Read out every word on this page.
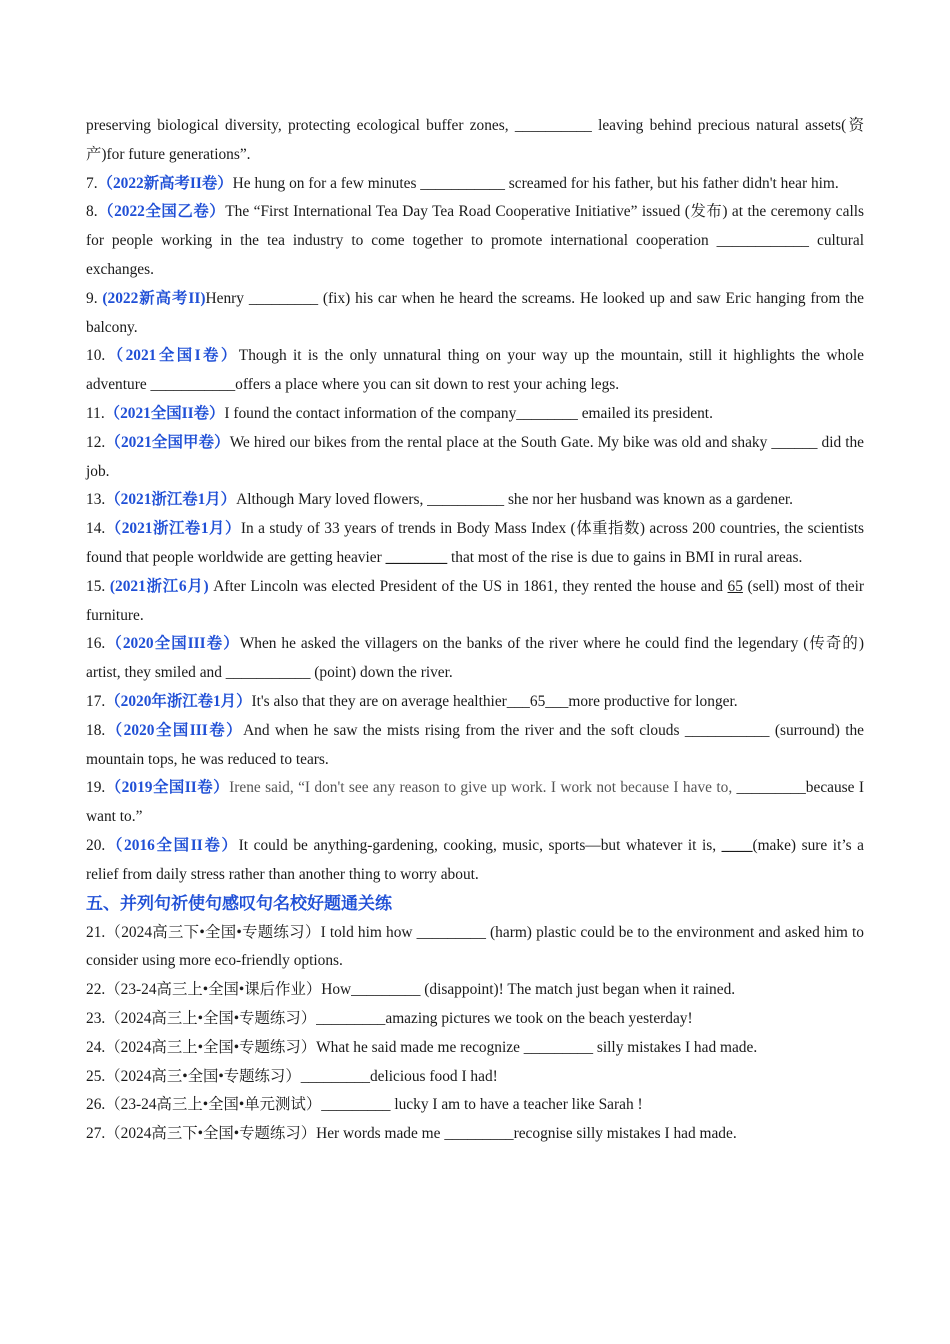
preserving biological diversity, protecting ecological buffer zones, __________ leaving behind precious natural assets(资产)for future generations”.

7.（2022新高考II卷）He hung on for a few minutes ___________ screamed for his father, but his father didn't hear him.

8.（2022全国乙卷）The “First International Tea Day Tea Road Cooperative Initiative” issued (发布) at the ceremony calls for people working in the tea industry to come together to promote international cooperation ____________ cultural exchanges.

9. (2022新高考II)Henry _________ (fix) his car when he heard the screams. He looked up and saw Eric hanging from the balcony.

10.（2021全国I卷）Though it is the only unnatural thing on your way up the mountain, still it highlights the whole adventure ___________offers a place where you can sit down to rest your aching legs.

11.（2021全国II卷）I found the contact information of the company________ emailed its president.

12.（2021全国甲卷）We hired our bikes from the rental place at the South Gate. My bike was old and shaky ______ did the job.

13.（2021浙江卷1月）Although Mary loved flowers, __________ she nor her husband was known as a gardener.

14.（2021浙江卷1月）In a study of 33 years of trends in Body Mass Index (体重指数) across 200 countries, the scientists found that people worldwide are getting heavier ________ that most of the rise is due to gains in BMI in rural areas.

15. (2021浙江6月) After Lincoln was elected President of the US in 1861, they rented the house and 65 (sell) most of their furniture.

16.（2020全国III卷）When he asked the villagers on the banks of the river where he could find the legendary (传奇的) artist, they smiled and ___________ (point) down the river.

17.（2020年浙江卷1月）It's also that they are on average healthier___65___more productive for longer.

18.（2020全国III卷）And when he saw the mists rising from the river and the soft clouds ___________ (surround) the mountain tops, he was reduced to tears.

19.（2019全国II卷）Irene said, “I don't see any reason to give up work. I work not because I have to, _________because I want to.”

20.（2016全国II卷）It could be anything-gardening, cooking, music, sports—but whatever it is, ____(make) sure it’s a relief from daily stress rather than another thing to worry about.

五、并列句祈使句感叹句名校好题通关练

21.（2024高三下•全国•专题练习）I told him how _________ (harm) plastic could be to the environment and asked him to consider using more eco-friendly options.

22.（23-24高三上•全国•课后作业）How_________ (disappoint)! The match just began when it rained.

23.（2024高三上•全国•专题练习）_________amazing pictures we took on the beach yesterday!

24.（2024高三上•全国•专题练习）What he said made me recognize _________ silly mistakes I had made.

25.（2024高三•全国•专题练习）_________delicious food I had!

26.（23-24高三上•全国•单元测试）_________ lucky I am to have a teacher like Sarah !

27.（2024高三下•全国•专题练习）Her words made me _________recognise silly mistakes I had made.
